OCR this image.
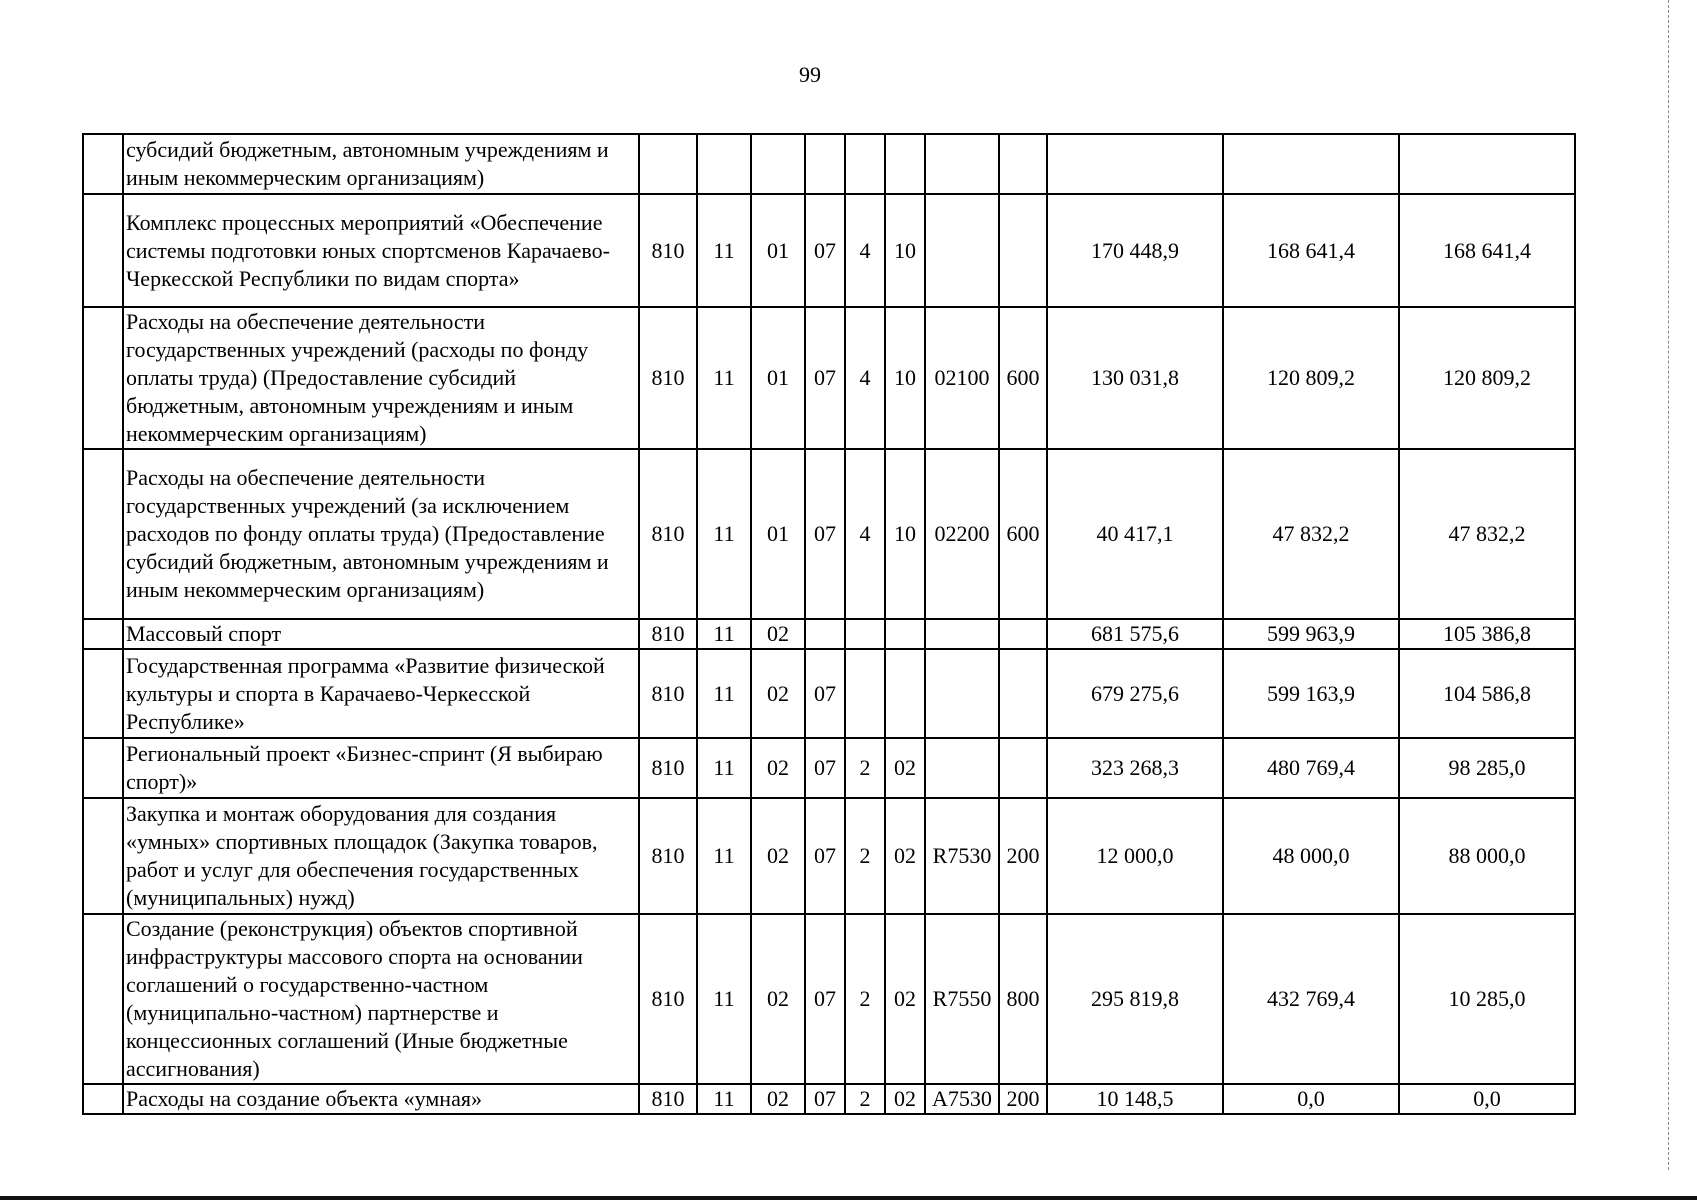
99
	субсидий бюджетным, автономным учреждениям и иным некоммерческим организациям)											
	Комплекс процессных мероприятий «Обеспечение системы подготовки юных спортсменов Карачаево-Черкесской Республики по видам спорта»	810	11	01	07	4	10			170 448,9	168 641,4	168 641,4
	Расходы на обеспечение деятельности государственных учреждений (расходы по фонду оплаты труда) (Предоставление субсидий бюджетным, автономным учреждениям и иным некоммерческим организациям)	810	11	01	07	4	10	02100	600	130 031,8	120 809,2	120 809,2
	Расходы на обеспечение деятельности государственных учреждений (за исключением расходов по фонду оплаты труда) (Предоставление субсидий бюджетным, автономным учреждениям и иным некоммерческим организациям)	810	11	01	07	4	10	02200	600	40 417,1	47 832,2	47 832,2
	Массовый спорт	810	11	02						681 575,6	599 963,9	105 386,8
	Государственная программа «Развитие физической культуры и спорта в Карачаево-Черкесской Республике»	810	11	02	07					679 275,6	599 163,9	104 586,8
	Региональный проект «Бизнес-спринт (Я выбираю спорт)»	810	11	02	07	2	02			323 268,3	480 769,4	98 285,0
	Закупка и монтаж оборудования для создания «умных» спортивных площадок (Закупка товаров, работ и услуг для обеспечения государственных (муниципальных) нужд)	810	11	02	07	2	02	R7530	200	12 000,0	48 000,0	88 000,0
	Создание (реконструкция) объектов спортивной инфраструктуры массового спорта на основании соглашений о государственно-частном (муниципально-частном) партнерстве и концессионных соглашений (Иные бюджетные ассигнования)	810	11	02	07	2	02	R7550	800	295 819,8	432 769,4	10 285,0
	Расходы на создание объекта «умная»	810	11	02	07	2	02	A7530	200	10 148,5	0,0	0,0
